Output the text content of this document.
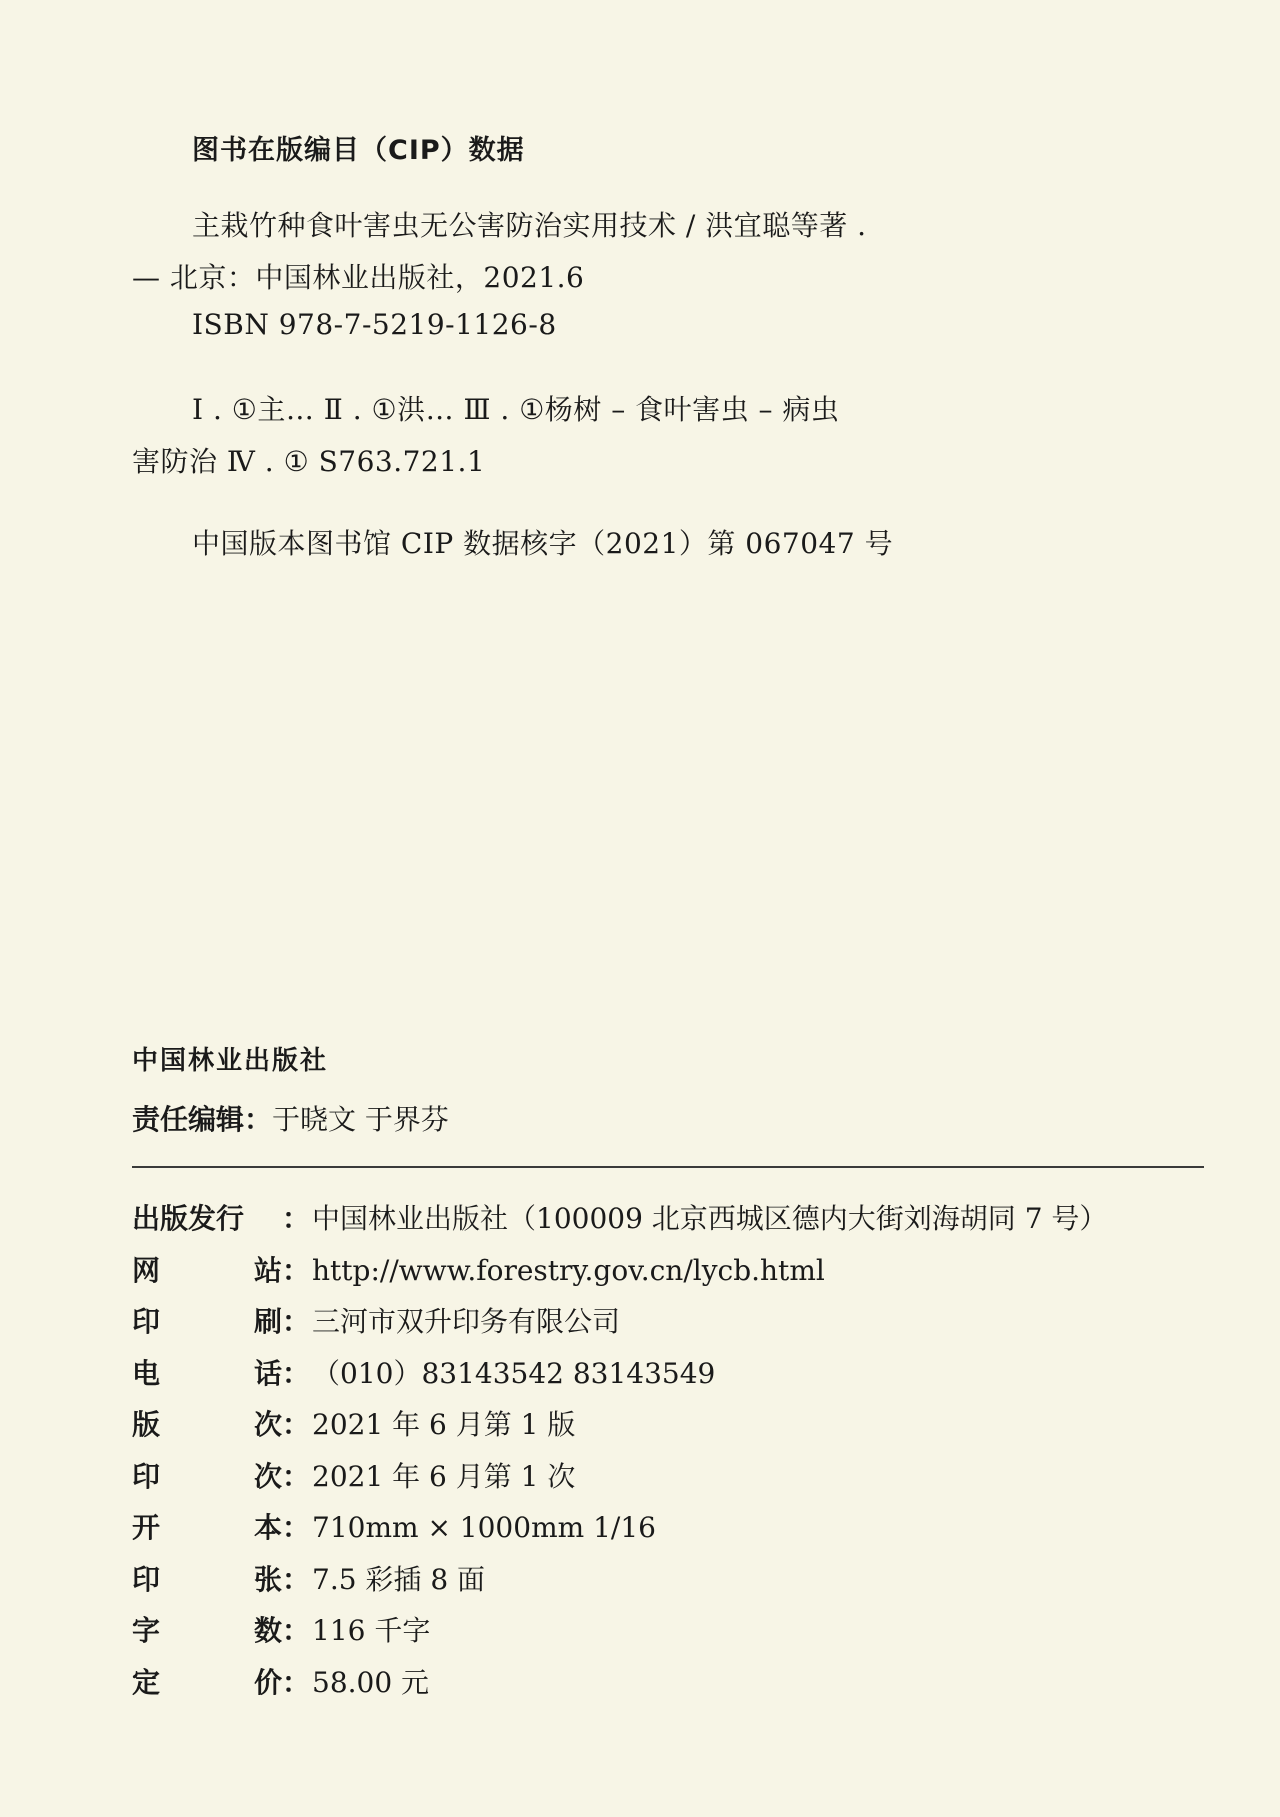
图书在版编目（CIP）数据
主栽竹种食叶害虫无公害防治实用技术 / 洪宜聪等著 .
— 北京：中国林业出版社，2021.6
ISBN 978-7-5219-1126-8
Ⅰ . ①主… Ⅱ . ①洪… Ⅲ . ①杨树 – 食叶害虫 – 病虫
害防治 Ⅳ . ① S763.721.1
中国版本图书馆 CIP 数据核字（2021）第 067047 号
中国林业出版社
责任编辑：于晓文 于界芬
出 版 发 行 ： 中国林业出版社（100009 北京西城区德内大街刘海胡同 7 号）
网	站 ： http://www.forestry.gov.cn/lycb.html
印	刷 ： 三河市双升印务有限公司
电	话 ： （010）83143542 83143549
版	次 ： 2021 年 6 月第 1 版
印	次 ： 2021 年 6 月第 1 次
开	本 ： 710mm × 1000mm 1/16
印	张 ： 7.5 彩插 8 面
字	数 ： 116 千字
定	价 ： 58.00 元
